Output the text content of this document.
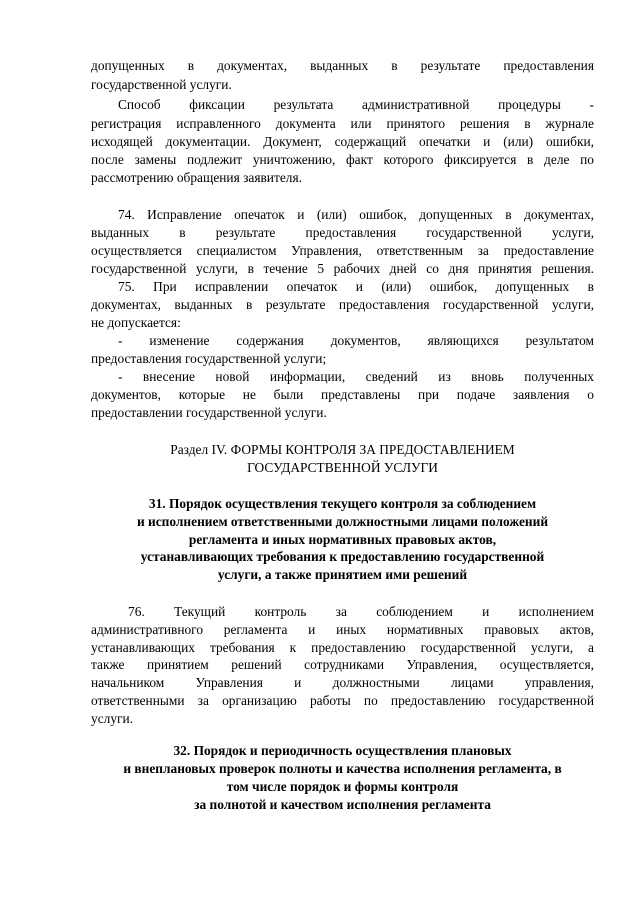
допущенных в документах, выданных в результате предоставления
государственной услуги.
Способ фиксации результата административной процедуры -
регистрация исправленного документа или принятого решения в журнале
исходящей документации. Документ, содержащий опечатки и (или) ошибки,
после замены подлежит уничтожению, факт которого фиксируется в деле по
рассмотрению обращения заявителя.
74. Исправление опечаток и (или) ошибок, допущенных в документах,
выданных в результате предоставления государственной услуги,
осуществляется специалистом Управления, ответственным за предоставление
государственной услуги, в течение 5 рабочих дней со дня принятия решения.
75. При исправлении опечаток и (или) ошибок, допущенных в
документах, выданных в результате предоставления государственной услуги,
не допускается:
- изменение содержания документов, являющихся результатом
предоставления государственной услуги;
- внесение новой информации, сведений из вновь полученных
документов, которые не были представлены при подаче заявления о
предоставлении государственной услуги.
Раздел IV. ФОРМЫ КОНТРОЛЯ ЗА ПРЕДОСТАВЛЕНИЕМ
ГОСУДАРСТВЕННОЙ УСЛУГИ
31. Порядок осуществления текущего контроля за соблюдением
и исполнением ответственными должностными лицами положений
регламента и иных нормативных правовых актов,
устанавливающих требования к предоставлению государственной
услуги, а также принятием ими решений
76. Текущий контроль за соблюдением и исполнением
административного регламента и иных нормативных правовых актов,
устанавливающих требования к предоставлению государственной услуги, а
также принятием решений сотрудниками Управления, осуществляется,
начальником Управления и должностными лицами управления,
ответственными за организацию работы по предоставлению государственной
услуги.
32. Порядок и периодичность осуществления плановых
и внеплановых проверок полноты и качества исполнения регламента, в
том числе порядок и формы контроля
за полнотой и качеством исполнения регламента
